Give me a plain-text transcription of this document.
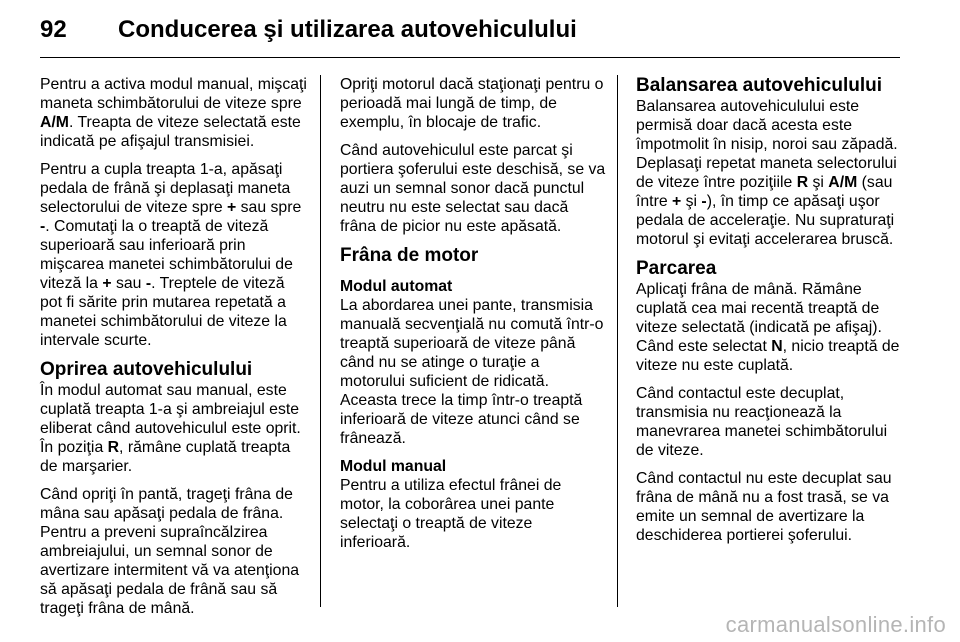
92 Conducerea şi utilizarea autovehiculului

Pentru a activa modul manual, mişcaţi maneta schimbătorului de viteze spre A/M. Treapta de viteze selectată este indicată pe afişajul transmisiei.

Pentru a cupla treapta 1-a, apăsaţi pedala de frână şi deplasaţi maneta selectorului de viteze spre + sau spre -. Comutaţi la o treaptă de viteză superioară sau inferioară prin mişcarea manetei schimbătorului de viteză la + sau -. Treptele de viteză pot fi sărite prin mutarea repetată a manetei schimbătorului de viteze la intervale scurte.

Oprirea autovehiculului

În modul automat sau manual, este cuplată treapta 1-a şi ambreiajul este eliberat când autovehiculul este oprit. În poziţia R, rămâne cuplată treapta de marşarier.

Când opriţi în pantă, trageţi frâna de mâna sau apăsaţi pedala de frâna. Pentru a preveni supraîncălzirea ambreiajului, un semnal sonor de avertizare intermitent vă va atenţiona să apăsaţi pedala de frână sau să trageţi frâna de mână.

Opriţi motorul dacă staţionaţi pentru o perioadă mai lungă de timp, de exemplu, în blocaje de trafic.

Când autovehiculul este parcat şi portiera şoferului este deschisă, se va auzi un semnal sonor dacă punctul neutru nu este selectat sau dacă frâna de picior nu este apăsată.

Frâna de motor
Modul automat

La abordarea unei pante, transmisia manuală secvenţială nu comută într-o treaptă superioară de viteze până când nu se atinge o turaţie a motorului suficient de ridicată. Aceasta trece la timp într-o treaptă inferioară de viteze atunci când se frânează.

Modul manual

Pentru a utiliza efectul frânei de motor, la coborârea unei pante selectaţi o treaptă de viteze inferioară.

Balansarea autovehiculului

Balansarea autovehiculului este permisă doar dacă acesta este împotmolit în nisip, noroi sau zăpadă. Deplasaţi repetat maneta selectorului de viteze între poziţiile R şi A/M (sau între + şi -), în timp ce apăsaţi uşor pedala de acceleraţie. Nu supraturaţi motorul şi evitaţi accelerarea bruscă.

Parcarea

Aplicaţi frâna de mână. Rămâne cuplată cea mai recentă treaptă de viteze selectată (indicată pe afişaj). Când este selectat N, nicio treaptă de viteze nu este cuplată.

Când contactul este decuplat, transmisia nu reacţionează la manevrarea manetei schimbătorului de viteze.

Când contactul nu este decuplat sau frâna de mână nu a fost trasă, se va emite un semnal de avertizare la deschiderea portierei şoferului.

carmanualsonline.info
